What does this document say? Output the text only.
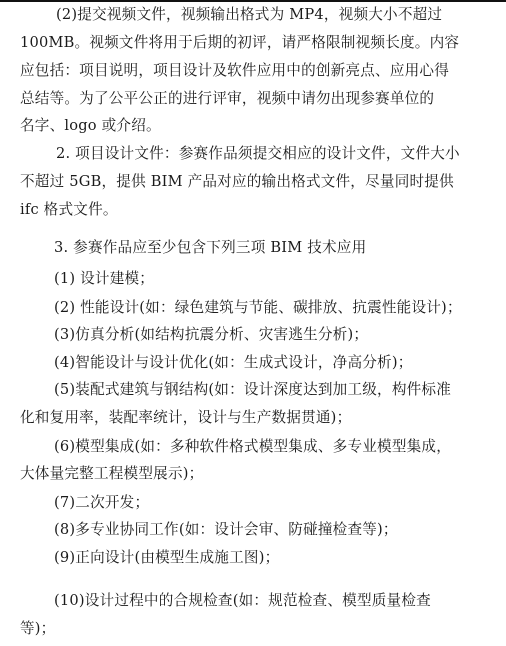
(2)提交视频文件，视频输出格式为 MP4，视频大小不超过
100MB。视频文件将用于后期的初评，请严格限制视频长度。内容
应包括：项目说明，项目设计及软件应用中的创新亮点、应用心得
总结等。为了公平公正的进行评审，视频中请勿出现参赛单位的
名字、logo 或介绍。
2. 项目设计文件：参赛作品须提交相应的设计文件，文件大小
不超过 5GB，提供 BIM 产品对应的输出格式文件，尽量同时提供
ifc 格式文件。
3. 参赛作品应至少包含下列三项 BIM 技术应用
(1) 设计建模；
(2) 性能设计(如：绿色建筑与节能、碳排放、抗震性能设计)；
(3)仿真分析(如结构抗震分析、灾害逃生分析)；
(4)智能设计与设计优化(如：生成式设计，净高分析)；
(5)装配式建筑与钢结构(如：设计深度达到加工级，构件标准
化和复用率，装配率统计，设计与生产数据贯通)；
(6)模型集成(如：多种软件格式模型集成、多专业模型集成，
大体量完整工程模型展示)；
(7)二次开发；
(8)多专业协同工作(如：设计会审、防碰撞检查等)；
(9)正向设计(由模型生成施工图)；
(10)设计过程中的合规检查(如：规范检查、模型质量检查
等)；
